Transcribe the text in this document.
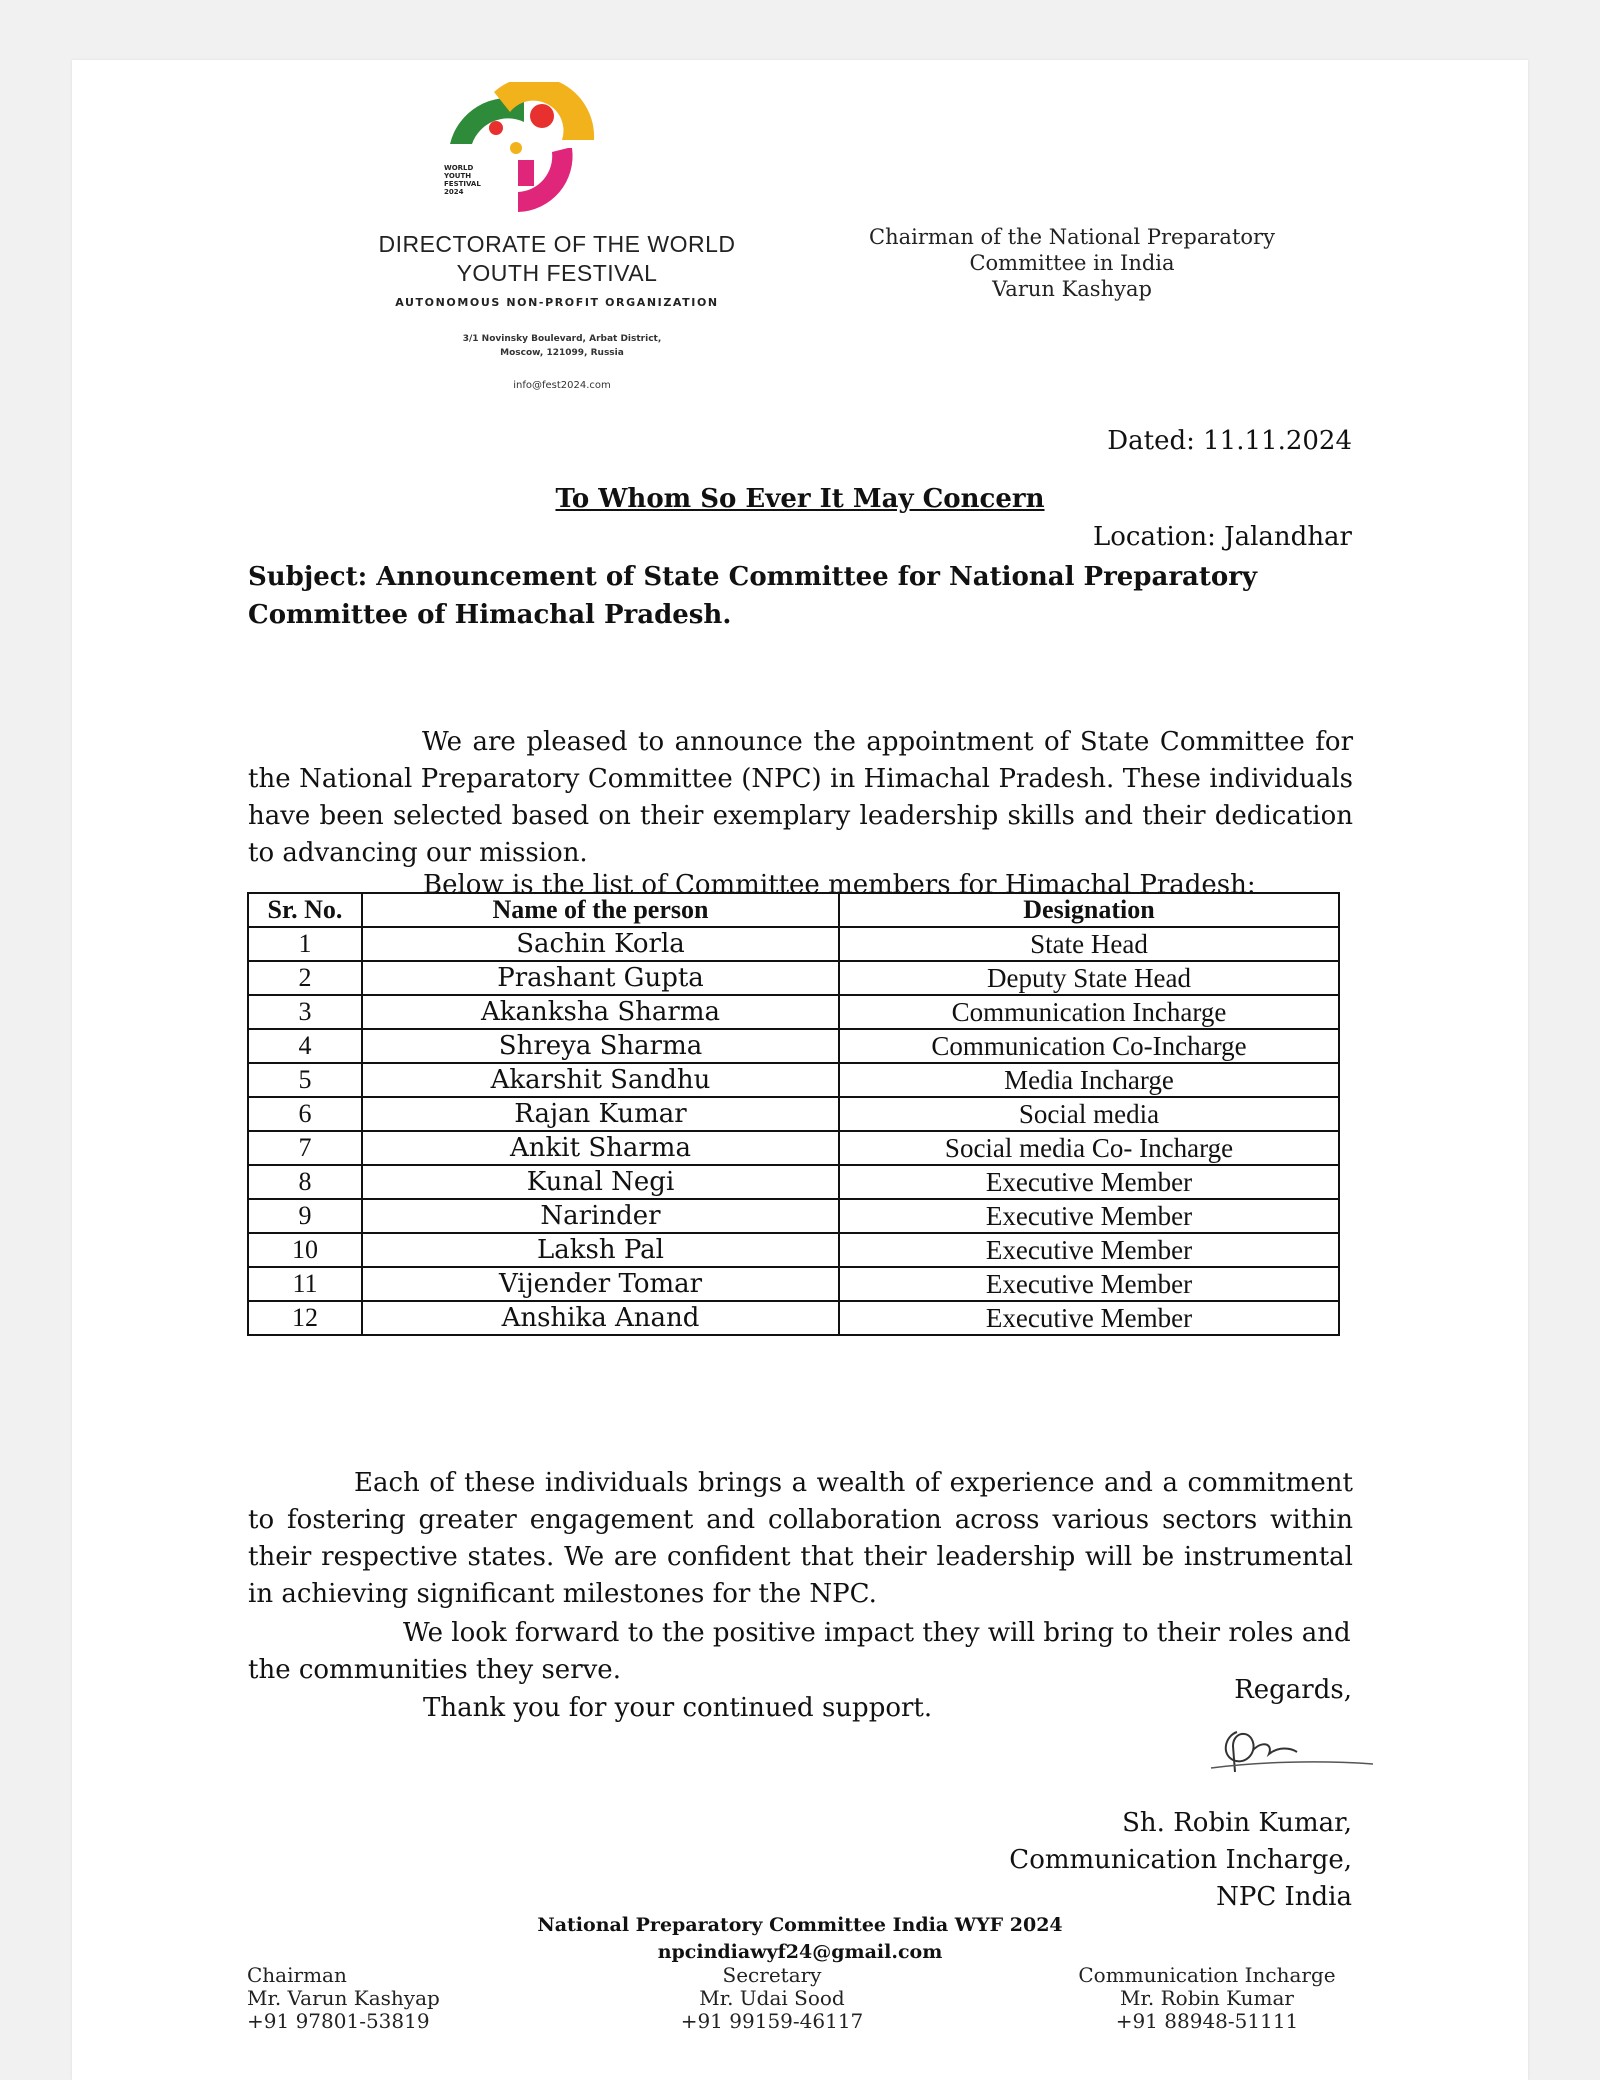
WORLD
YOUTH
FESTIVAL
2024
DIRECTORATE OF THE WORLD
YOUTH FESTIVAL
AUTONOMOUS NON-PROFIT ORGANIZATION
3/1 Novinsky Boulevard, Arbat District,
Moscow, 121099, Russia
info@fest2024.com
Chairman of the National Preparatory
Committee in India
Varun Kashyap
Dated: 11.11.2024
To Whom So Ever It May Concern
Location: Jalandhar
Subject: Announcement of State Committee for National Preparatory
Committee of Himachal Pradesh.
We are pleased to announce the appointment of State Committee for the National Preparatory Committee (NPC) in Himachal Pradesh. These individuals have been selected based on their exemplary leadership skills and their dedication to advancing our mission.
Below is the list of Committee members for Himachal Pradesh:
Sr. No.	Name of the person	Designation
1	Sachin Korla	State Head
2	Prashant Gupta	Deputy State Head
3	Akanksha Sharma	Communication Incharge
4	Shreya Sharma	Communication Co-Incharge
5	Akarshit Sandhu	Media Incharge
6	Rajan Kumar	Social media
7	Ankit Sharma	Social media Co- Incharge
8	Kunal Negi	Executive Member
9	Narinder	Executive Member
10	Laksh Pal	Executive Member
11	Vijender Tomar	Executive Member
12	Anshika Anand	Executive Member
Each of these individuals brings a wealth of experience and a commitment to fostering greater engagement and collaboration across various sectors within their respective states. We are confident that their leadership will be instrumental in achieving significant milestones for the NPC.
We look forward to the positive impact they will bring to their roles and the communities they serve.
Thank you for your continued support.
Regards,
Sh. Robin Kumar,
Communication Incharge,
NPC India
National Preparatory Committee India WYF 2024
npcindiawyf24@gmail.com
Chairman
Mr. Varun Kashyap
+91 97801-53819
Secretary
Mr. Udai Sood
+91 99159-46117
Communication Incharge
Mr. Robin Kumar
+91 88948-51111
